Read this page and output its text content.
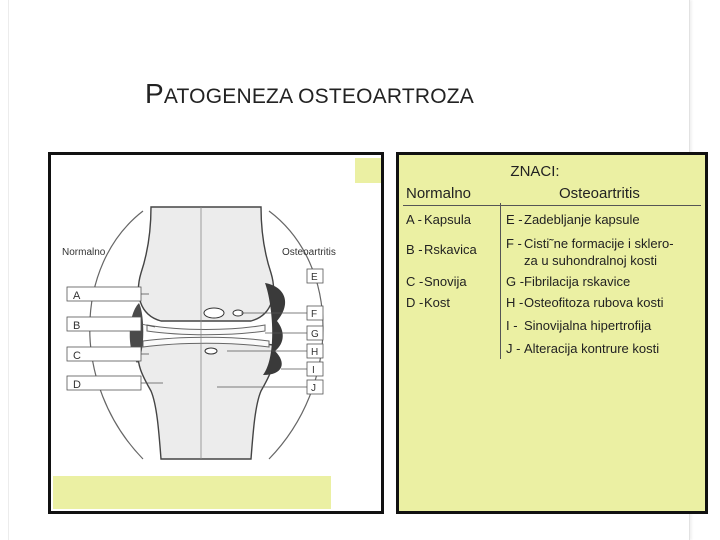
PATOGENEZA OSTEOARTROZA
Normalno	Osteoartritis
A
B
C
D
E
F
G
H
I
J
ZNACI:
Normalno	Osteoartritis
A - Kapsula
B -Rskavica
C -Snovija
D -Kost
E -Zadebljanje kapsule
F - Cisti˜ne formacije i sklero-
za u suhondralnoj kosti
G -Fibrilacija rskavice
H -Osteofitoza rubova kosti
I - Sinovijalna hipertrofija
J - Alteracija kontrure kosti
